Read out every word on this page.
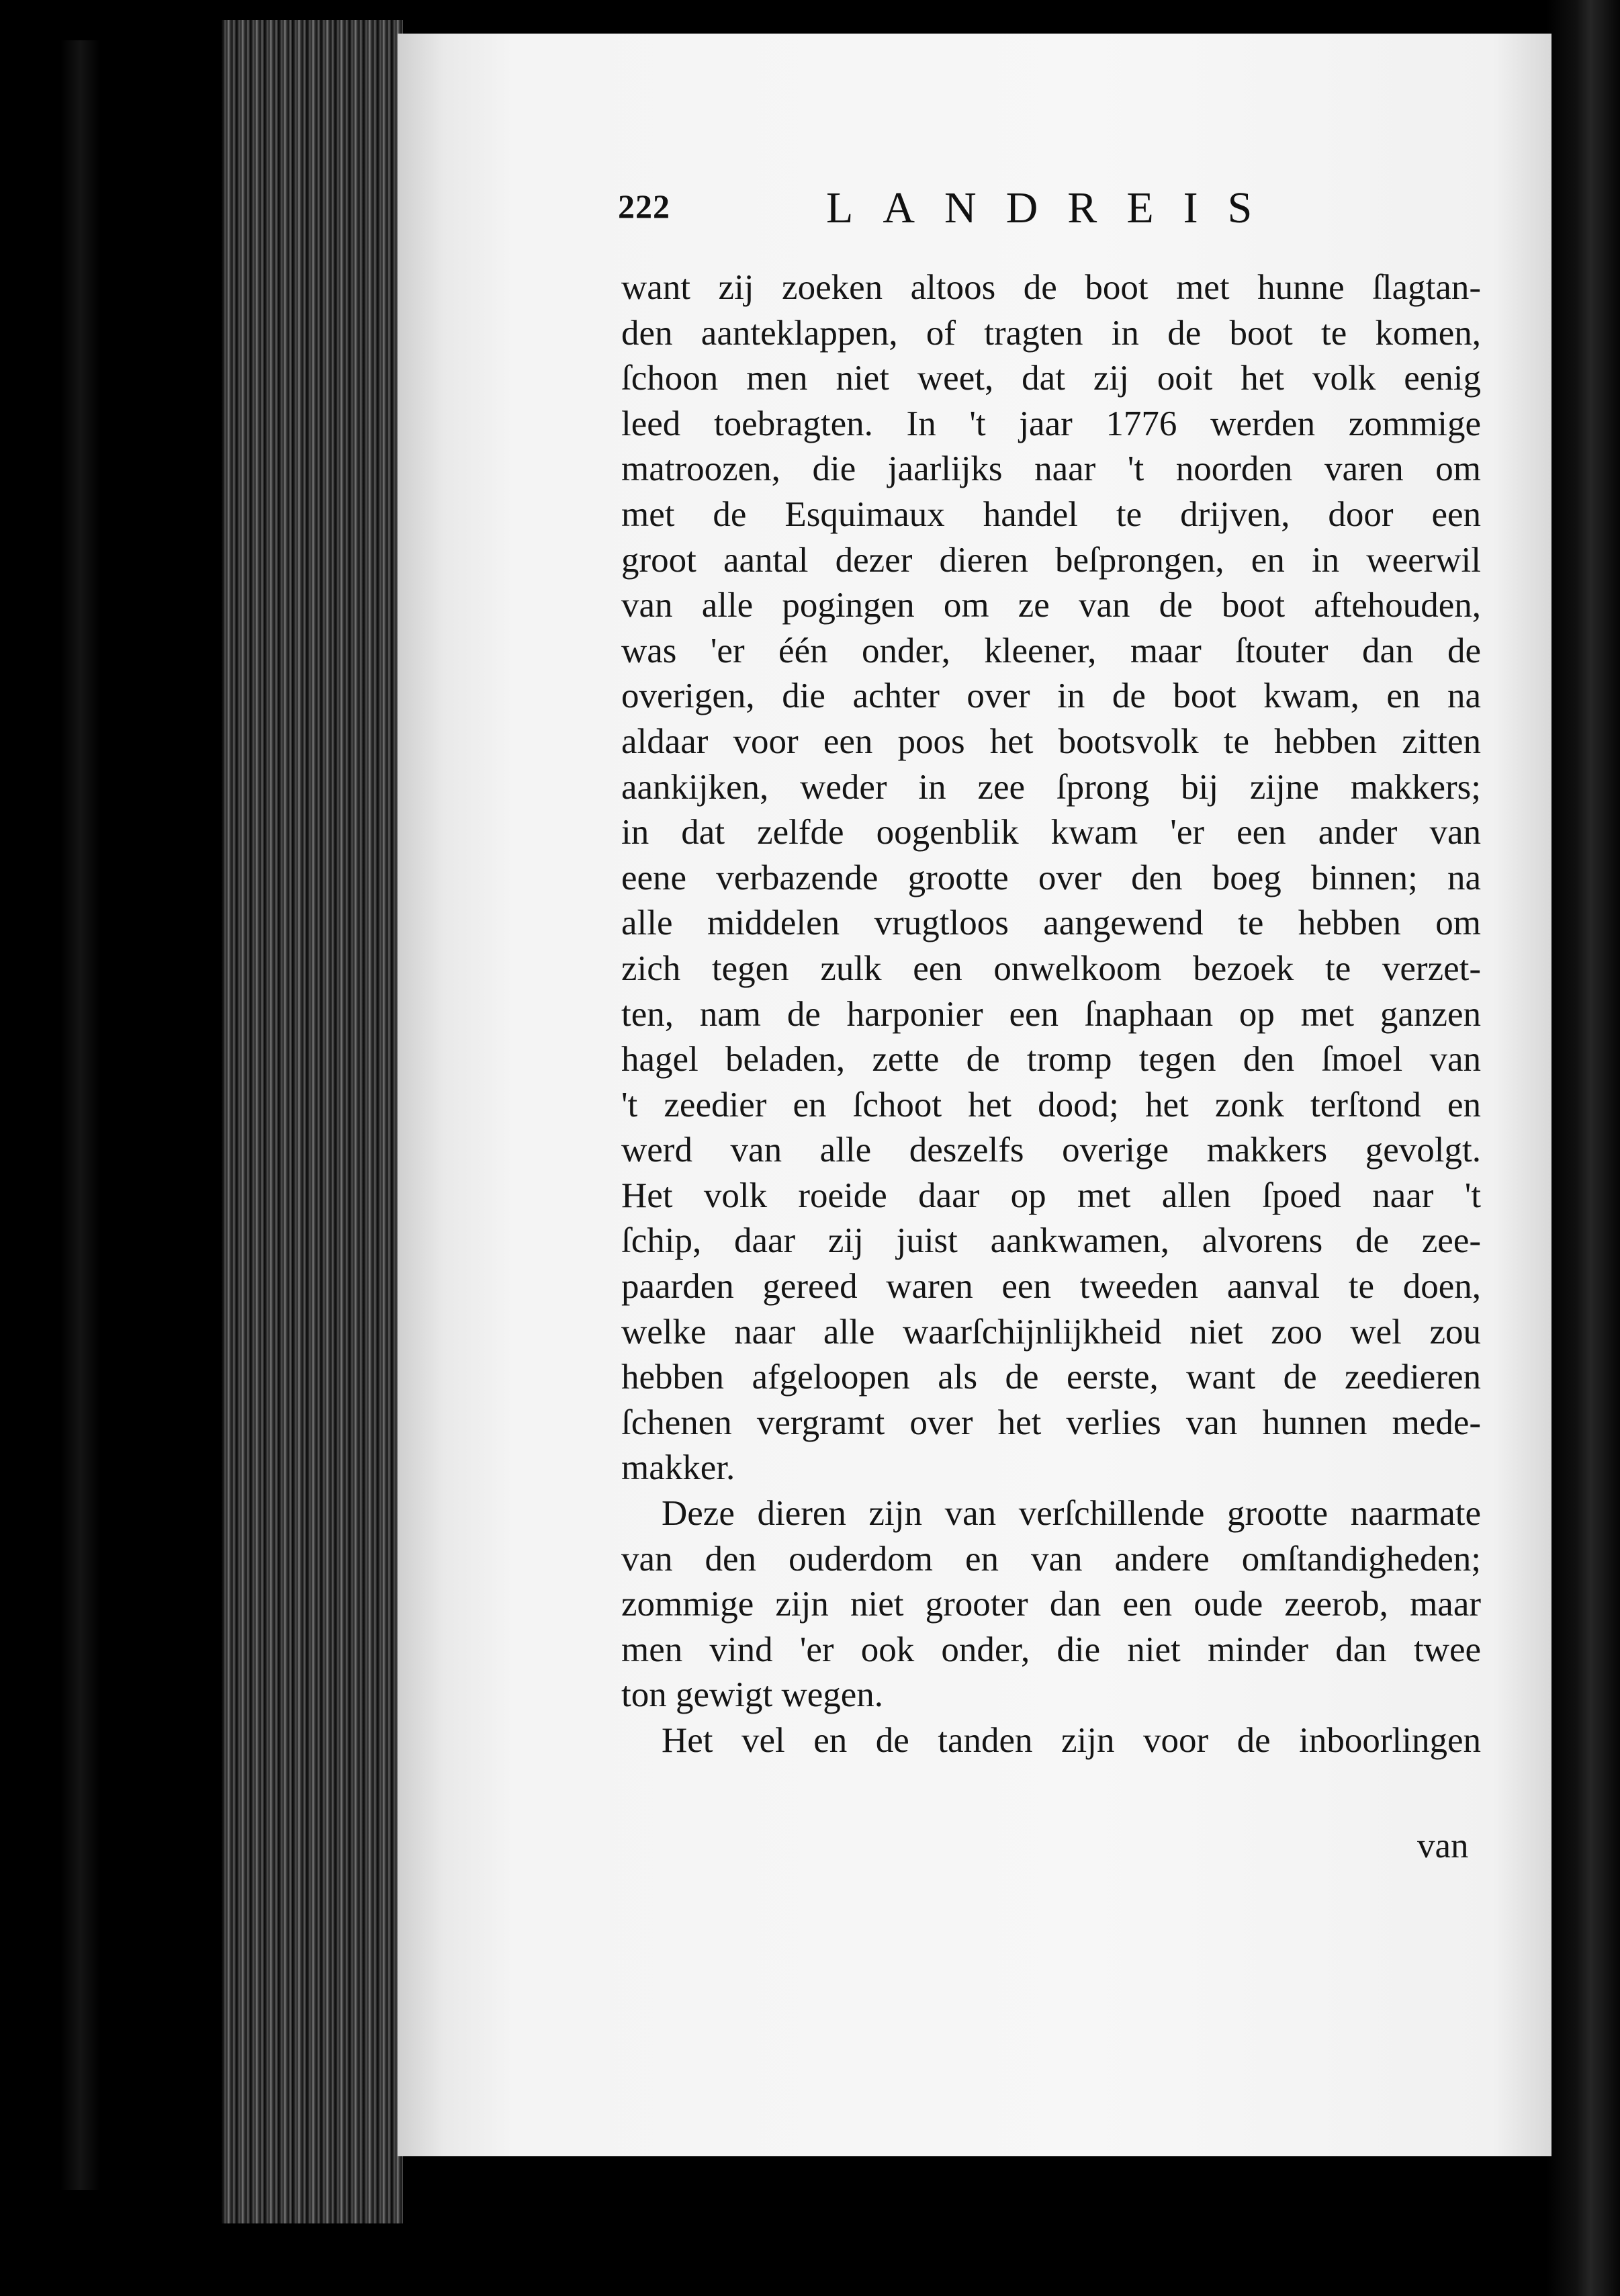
222	LANDREIS
want zij zoeken altoos de boot met hunne ſlagtan-
den aanteklappen, of tragten in de boot te komen,
ſchoon men niet weet, dat zij ooit het volk eenig
leed toebragten. In 't jaar 1776 werden zommige
matroozen, die jaarlijks naar 't noorden varen om
met de Esquimaux handel te drijven, door een
groot aantal dezer dieren beſprongen, en in weerwil
van alle pogingen om ze van de boot aftehouden,
was 'er één onder, kleener, maar ſtouter dan de
overigen, die achter over in de boot kwam, en na
aldaar voor een poos het bootsvolk te hebben zitten
aankijken, weder in zee ſprong bij zijne makkers;
in dat zelfde oogenblik kwam 'er een ander van
eene verbazende grootte over den boeg binnen; na
alle middelen vrugtloos aangewend te hebben om
zich tegen zulk een onwelkoom bezoek te verzet-
ten, nam de harponier een ſnaphaan op met ganzen
hagel beladen, zette de tromp tegen den ſmoel van
't zeedier en ſchoot het dood; het zonk terſtond en
werd van alle deszelfs overige makkers gevolgt.
Het volk roeide daar op met allen ſpoed naar 't
ſchip, daar zij juist aankwamen, alvorens de zee-
paarden gereed waren een tweeden aanval te doen,
welke naar alle waarſchijnlijkheid niet zoo wel zou
hebben afgeloopen als de eerste, want de zeedieren
ſchenen vergramt over het verlies van hunnen mede-
makker.
Deze dieren zijn van verſchillende grootte naarmate
van den ouderdom en van andere omſtandigheden;
zommige zijn niet grooter dan een oude zeerob, maar
men vind 'er ook onder, die niet minder dan twee
ton gewigt wegen.
Het vel en de tanden zijn voor de inboorlingen
van
